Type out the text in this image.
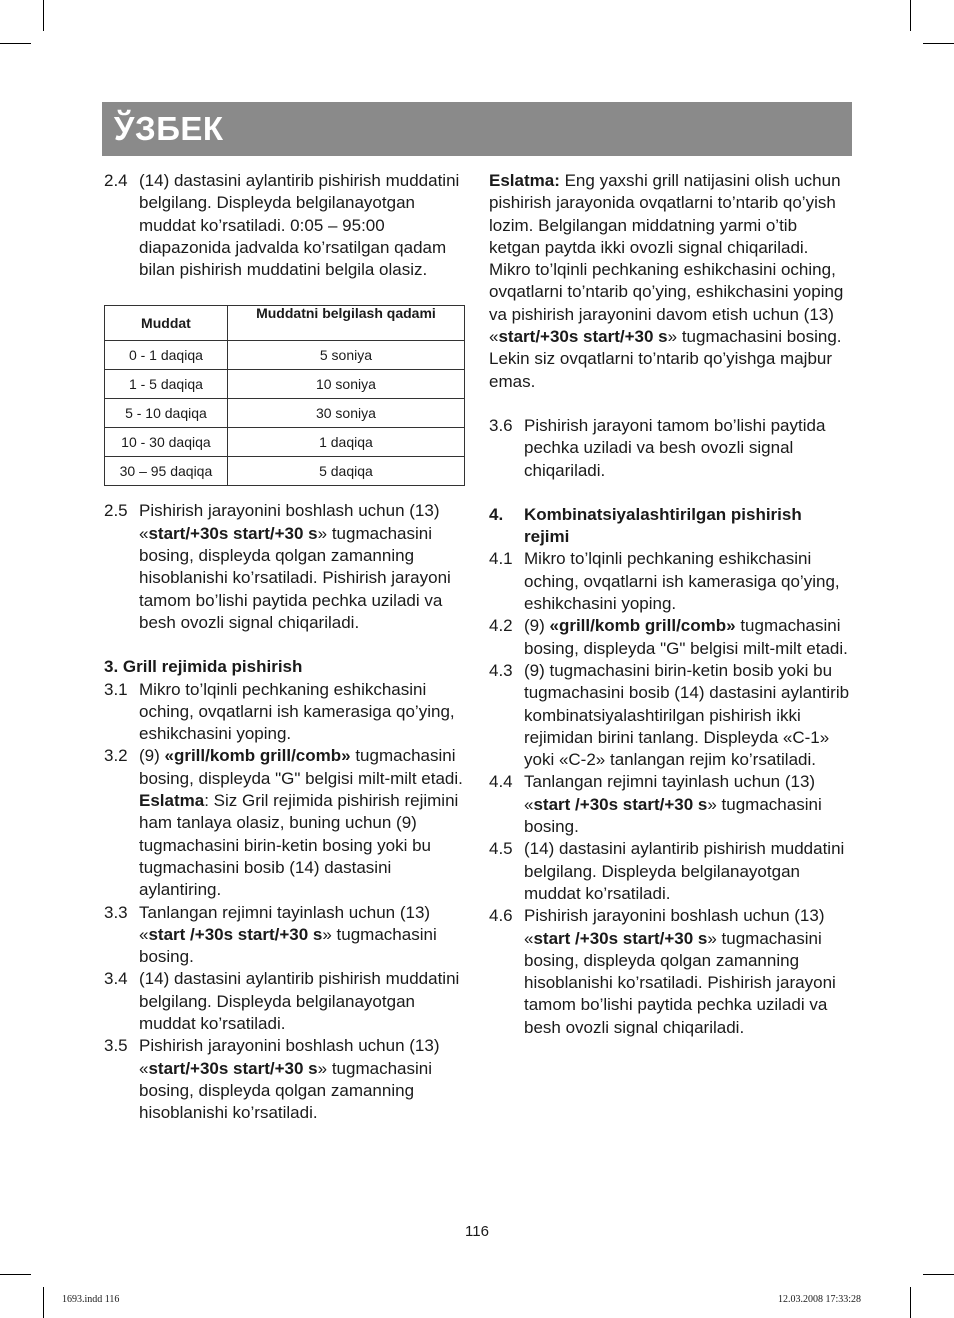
ЎЗБЕК
2.4 (14) dastasini aylantirib pishirish muddatini belgilang. Displeyda belgilanayotgan muddat ko’rsatiladi. 0:05 – 95:00 diapazonida jadvalda ko’rsatilgan qadam bilan pishirish muddatini belgila olasiz.
Muddat	Muddatni belgilash qadami
0 - 1 daqiqa	5 soniya
1 - 5 daqiqa	10 soniya
5 - 10 daqiqa	30 soniya
10 - 30 daqiqa	1 daqiqa
30 – 95 daqiqa	5 daqiqa
2.5 Pishirish jarayonini boshlash uchun (13) «start/+30s start/+30 s» tugmachasini bosing, displeyda qolgan zamanning hisoblanishi ko’rsatiladi. Pishirish jarayoni tamom bo’lishi paytida pechka uziladi va besh ovozli signal chiqariladi.
3. Grill rejimida pishirish
3.1 Mikro to’lqinli pechkaning eshikchasini oching, ovqatlarni ish kamerasiga qo’ying, eshikchasini yoping.
3.2 (9) «grill/komb grill/comb» tugmachasini bosing, displeyda "G" belgisi milt-milt etadi.
Eslatma: Siz Gril rejimida pishirish rejimini ham tanlaya olasiz, buning uchun (9) tugmachasini birin-ketin bosing yoki bu tugmachasini bosib (14) dastasini aylantiring.
3.3 Tanlangan rejimni tayinlash uchun (13) «start /+30s start/+30 s» tugmachasini bosing.
3.4 (14) dastasini aylantirib pishirish muddatini belgilang. Displeyda belgilanayotgan muddat ko’rsatiladi.
3.5 Pishirish jarayonini boshlash uchun (13) «start/+30s start/+30 s» tugmachasini bosing, displeyda qolgan zamanning hisoblanishi ko’rsatiladi.
Eslatma: Eng yaxshi grill natijasini olish uchun pishirish jarayonida ovqatlarni to’ntarib qo’yish lozim. Belgilangan middatning yarmi o’tib ketgan paytda ikki ovozli signal chiqariladi. Mikro to’lqinli pechkaning eshikchasini oching, ovqatlarni to’ntarib qo’ying, eshikchasini yoping va pishirish jarayonini davom etish uchun (13) «start/+30s start/+30 s» tugmachasini bosing. Lekin siz ovqatlarni to’ntarib qo’yishga majbur emas.
3.6 Pishirish jarayoni tamom bo’lishi paytida pechka uziladi va besh ovozli signal chiqariladi.
4. Kombinatsiyalashtirilgan pishirish rejimi
4.1 Mikro to’lqinli pechkaning eshikchasini oching, ovqatlarni ish kamerasiga qo’ying, eshikchasini yoping.
4.2 (9) «grill/komb grill/comb» tugmachasini bosing, displeyda "G" belgisi milt-milt etadi.
4.3 (9) tugmachasini birin-ketin bosib yoki bu tugmachasini bosib (14) dastasini aylantirib kombinatsiyalashtirilgan pishirish ikki rejimidan birini tanlang. Displeyda «C-1» yoki «C-2» tanlangan rejim ko’rsatiladi.
4.4 Tanlangan rejimni tayinlash uchun (13) «start /+30s start/+30 s» tugmachasini bosing.
4.5 (14) dastasini aylantirib pishirish muddatini belgilang. Displeyda belgilanayotgan muddat ko’rsatiladi.
4.6 Pishirish jarayonini boshlash uchun (13) «start /+30s start/+30 s» tugmachasini bosing, displeyda qolgan zamanning hisoblanishi ko’rsatiladi. Pishirish jarayoni tamom bo’lishi paytida pechka uziladi va besh ovozli signal chiqariladi.
116
1693.indd 116	12.03.2008 17:33:28
